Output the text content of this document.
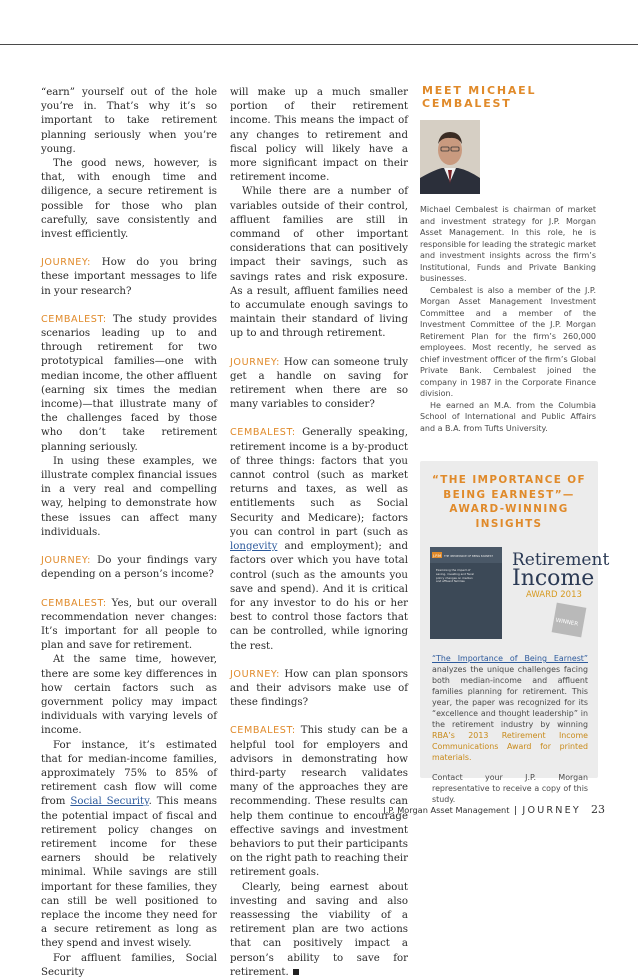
“earn” yourself out of the hole you’re in. That’s why it’s so important to take retirement planning seriously when you’re young.

The good news, however, is that, with enough time and diligence, a secure retirement is possible for those who plan carefully, save consistently and invest efficiently.

JOURNEY: How do you bring these important messages to life in your research?

CEMBALEST: The study provides scenarios leading up to and through retirement for two prototypical families—one with median income, the other affluent (earning six times the median income)—that illustrate many of the challenges faced by those who don’t take retirement planning seriously.

In using these examples, we illustrate complex financial issues in a very real and compelling way, helping to demonstrate how these issues can affect many individuals.

JOURNEY: Do your findings vary depending on a person’s income?

CEMBALEST: Yes, but our overall recommendation never changes: It’s important for all people to plan and save for retirement.

At the same time, however, there are some key differences in how certain factors such as government policy may impact individuals with varying levels of income.

For instance, it’s estimated that for median-income families, approximately 75% to 85% of retirement cash flow will come from Social Security. This means the potential impact of fiscal and retirement policy changes on retirement income for these earners should be relatively minimal. While savings are still important for these families, they can still be well positioned to replace the income they need for a secure retirement as long as they spend and invest wisely.

For affluent families, Social Security

will make up a much smaller portion of their retirement income. This means the impact of any changes to retirement and fiscal policy will likely have a more significant impact on their retirement income.

While there are a number of variables outside of their control, affluent families are still in command of other important considerations that can positively impact their savings, such as savings rates and risk exposure. As a result, affluent families need to accumulate enough savings to maintain their standard of living up to and through retirement.

JOURNEY: How can someone truly get a handle on saving for retirement when there are so many variables to consider?

CEMBALEST: Generally speaking, retirement income is a by-product of three things: factors that you cannot control (such as market returns and taxes, as well as entitlements such as Social Security and Medicare); factors you can control in part (such as longevity and employment); and factors over which you have total control (such as the amounts you save and spend). And it is critical for any investor to do his or her best to control those factors that can be controlled, while ignoring the rest.

JOURNEY: How can plan sponsors and their advisors make use of these findings?

CEMBALEST: This study can be a helpful tool for employers and advisors in demonstrating how third-party research validates many of the approaches they are recommending. These results can help them continue to encourage effective savings and investment behaviors to put their participants on the right path to reaching their retirement goals.

Clearly, being earnest about investing and saving and also reassessing the viability of a retirement plan are two actions that can positively impact a person’s ability to save for retirement.

MEET MICHAEL CEMBALEST

Michael Cembalest is chairman of market and investment strategy for J.P. Morgan Asset Management. In this role, he is responsible for leading the strategic market and investment insights across the firm’s Institutional, Funds and Private Banking businesses.

Cembalest is also a member of the J.P. Morgan Asset Management Investment Committee and a member of the Investment Committee of the J.P. Morgan Retirement Plan for the firm’s 260,000 employees. Most recently, he served as chief investment officer of the firm’s Global Private Bank. Cembalest joined the company in 1987 in the Corporate Finance division.

He earned an M.A. from the Columbia School of International and Public Affairs and a B.A. from Tufts University.

“THE IMPORTANCE OF BEING EARNEST”— AWARD-WINNING INSIGHTS
J.P.M THE IMPORTANCE OF BEING EARNEST
Examining the impact of saving, investing and fiscal policy changes on median and affluent families
Retirement
Income
AWARD 2013
WINNER

“The Importance of Being Earnest” analyzes the unique challenges facing both median-income and affluent families planning for retirement. This year, the paper was recognized for its “excellence and thought leadership” in the retirement industry by winning RBA’s 2013 Retirement Income Communications Award for printed materials.

Contact your J.P. Morgan representative to receive a copy of this study.

J.P. Morgan Asset Management JOURNEY 23
